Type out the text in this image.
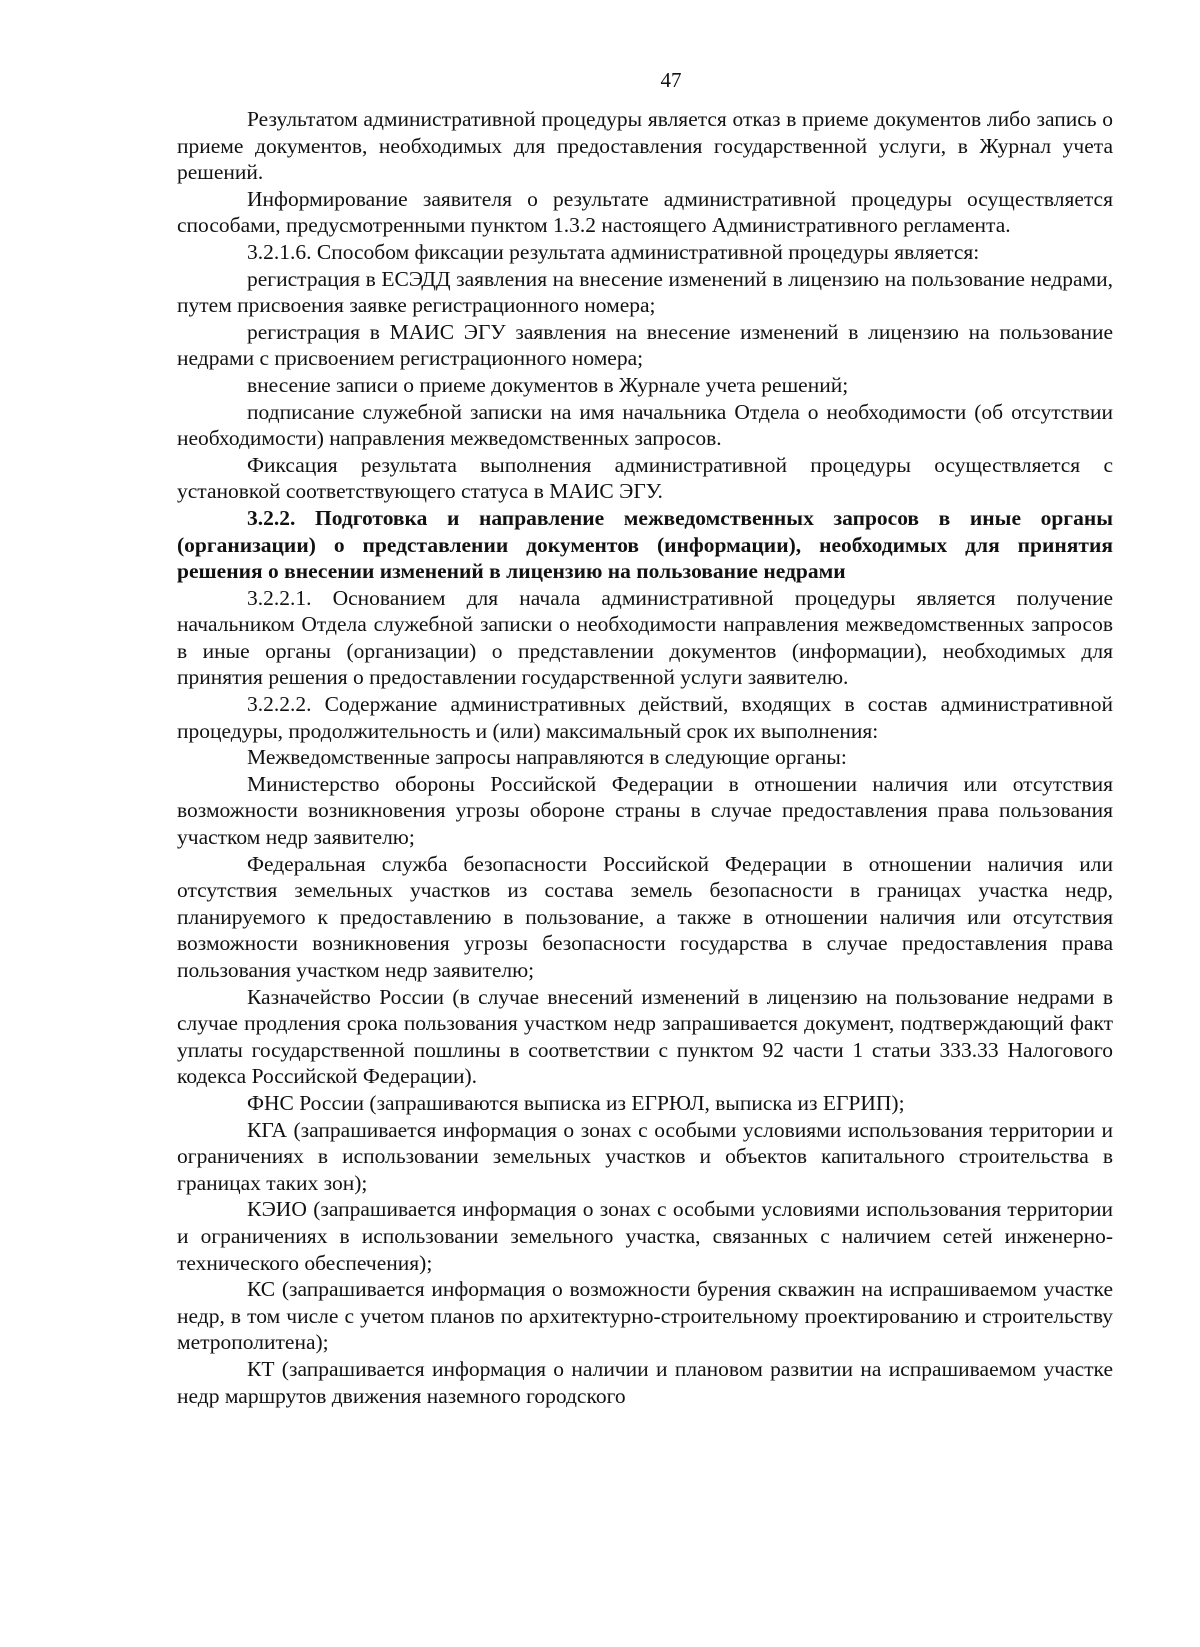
47

Результатом административной процедуры является отказ в приеме документов либо запись о приеме документов, необходимых для предоставления государственной услуги, в Журнал учета решений.

Информирование заявителя о результате административной процедуры осуществляется способами, предусмотренными пунктом 1.3.2 настоящего Административного регламента.

3.2.1.6. Способом фиксации результата административной процедуры является:

регистрация в ЕСЭДД заявления на внесение изменений в лицензию на пользование недрами, путем присвоения заявке регистрационного номера;

регистрация в МАИС ЭГУ заявления на внесение изменений в лицензию на пользование недрами с присвоением регистрационного номера;

внесение записи о приеме документов в Журнале учета решений;

подписание служебной записки на имя начальника Отдела о необходимости (об отсутствии необходимости) направления межведомственных запросов.

Фиксация результата выполнения административной процедуры осуществляется с установкой соответствующего статуса в МАИС ЭГУ.

3.2.2. Подготовка и направление межведомственных запросов в иные органы (организации) о представлении документов (информации), необходимых для принятия решения о внесении изменений в лицензию на пользование недрами

3.2.2.1. Основанием для начала административной процедуры является получение начальником Отдела служебной записки о необходимости направления межведомственных запросов в иные органы (организации) о представлении документов (информации), необходимых для принятия решения о предоставлении государственной услуги заявителю.

3.2.2.2. Содержание административных действий, входящих в состав административной процедуры, продолжительность и (или) максимальный срок их выполнения:

Межведомственные запросы направляются в следующие органы:

Министерство обороны Российской Федерации в отношении наличия или отсутствия возможности возникновения угрозы обороне страны в случае предоставления права пользования участком недр заявителю;

Федеральная служба безопасности Российской Федерации в отношении наличия или отсутствия земельных участков из состава земель безопасности в границах участка недр, планируемого к предоставлению в пользование, а также в отношении наличия или отсутствия возможности возникновения угрозы безопасности государства в случае предоставления права пользования участком недр заявителю;

Казначейство России (в случае внесений изменений в лицензию на пользование недрами в случае продления срока пользования участком недр запрашивается документ, подтверждающий факт уплаты государственной пошлины в соответствии с пунктом 92 части 1 статьи 333.33 Налогового кодекса Российской Федерации).

ФНС России (запрашиваются выписка из ЕГРЮЛ, выписка из ЕГРИП);

КГА (запрашивается информация о зонах с особыми условиями использования территории и ограничениях в использовании земельных участков и объектов капитального строительства в границах таких зон);

КЭИО (запрашивается информация о зонах с особыми условиями использования территории и ограничениях в использовании земельного участка, связанных с наличием сетей инженерно-технического обеспечения);

КС (запрашивается информация о возможности бурения скважин на испрашиваемом участке недр, в том числе с учетом планов по архитектурно-строительному проектированию и строительству метрополитена);

КТ (запрашивается информация о наличии и плановом развитии на испрашиваемом участке недр маршрутов движения наземного городского
